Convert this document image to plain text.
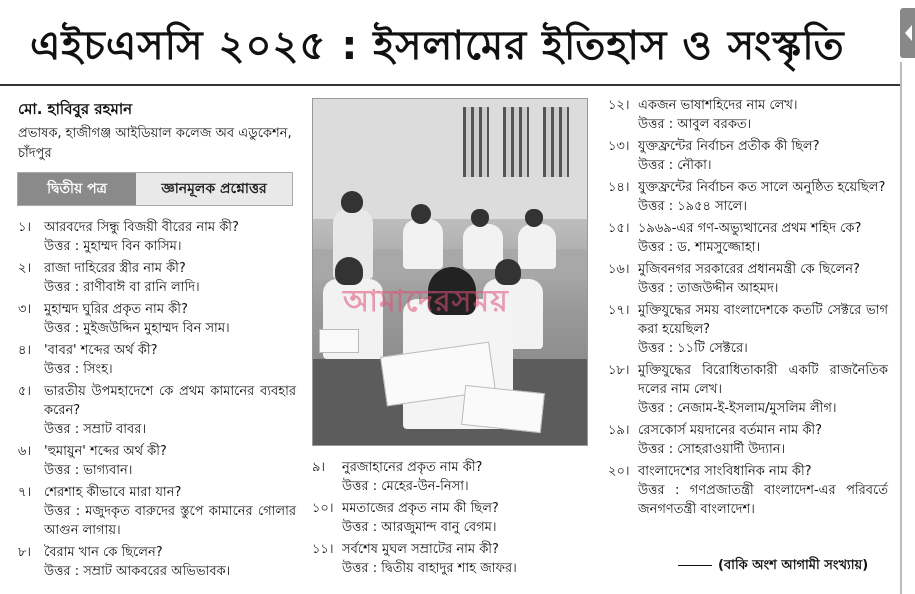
এইচএসসি ২০২৫ : ইসলামের ইতিহাস ও সংস্কৃতি
মো. হাবিবুর রহমান
প্রভাষক, হাজীগঞ্জ আইডিয়াল কলেজ অব এডুকেশন, চাঁদপুর
দ্বিতীয় পত্র	জ্ঞানমূলক প্রশ্নোত্তর
১। আরবদের সিন্ধু বিজয়ী বীরের নাম কী?
উত্তর : মুহাম্মদ বিন কাসিম।
২। রাজা দাহিরের স্ত্রীর নাম কী?
উত্তর : রাণীবাঈ বা রানি লাদি।
৩। মুহাম্মদ ঘুরির প্রকৃত নাম কী?
উত্তর : মুইজউদ্দিন মুহাম্মদ বিন সাম।
৪। 'বাবর' শব্দের অর্থ কী?
উত্তর : সিংহ।
৫। ভারতীয় উপমহাদেশে কে প্রথম কামানের ব্যবহার করেন?
উত্তর : সম্রাট বাবর।
৬। 'হুমায়ুন' শব্দের অর্থ কী?
উত্তর : ভাগ্যবান।
৭। শেরশাহ কীভাবে মারা যান?
উত্তর : মজুদকৃত বারুদের স্তুপে কামানের গোলার আগুন লাগায়।
৮। বৈরাম খান কে ছিলেন?
উত্তর : সম্রাট আকবরের অভিভাবক।
আমাদেরসময়
৯।	নুরজাহানের প্রকৃত নাম কী?
উত্তর : মেহের-উন-নিসা।
১০। মমতাজের প্রকৃত নাম কী ছিল?
উত্তর : আরজুমান্দ বানু বেগম।
১১। সর্বশেষ মুঘল সম্রাটের নাম কী?
উত্তর : দ্বিতীয় বাহাদুর শাহ জাফর।
১২। একজন ভাষাশহিদের নাম লেখ।
উত্তর : আবুল বরকত।
১৩। যুক্তফ্রন্টের নির্বাচন প্রতীক কী ছিল?
উত্তর : নৌকা।
১৪। যুক্তফ্রন্টের নির্বাচন কত সালে অনুষ্ঠিত হয়েছিল?
উত্তর : ১৯৫৪ সালে।
১৫। ১৯৬৯-এর গণ-অভ্যুত্থানের প্রথম শহিদ কে?
উত্তর : ড. শামসুজ্জোহা।
১৬। মুজিবনগর সরকারের প্রধানমন্ত্রী কে ছিলেন?
উত্তর : তাজউদ্দীন আহমদ।
১৭। মুক্তিযুদ্ধের সময় বাংলাদেশকে কতটি সেক্টরে ভাগ করা হয়েছিল?
উত্তর : ১১টি সেক্টরে।
১৮। মুক্তিযুদ্ধের বিরোধিতাকারী একটি রাজনৈতিক দলের নাম লেখ।
উত্তর : নেজাম-ই-ইসলাম/মুসলিম লীগ।
১৯। রেসকোর্স ময়দানের বর্তমান নাম কী?
উত্তর : সোহরাওয়ার্দী উদ্যান।
২০। বাংলাদেশের সাংবিধানিক নাম কী?
উত্তর : গণপ্রজাতন্ত্রী বাংলাদেশ-এর পরিবর্তে জনগণতন্ত্রী বাংলাদেশ।
(বাকি অংশ আগামী সংখ্যায়)
